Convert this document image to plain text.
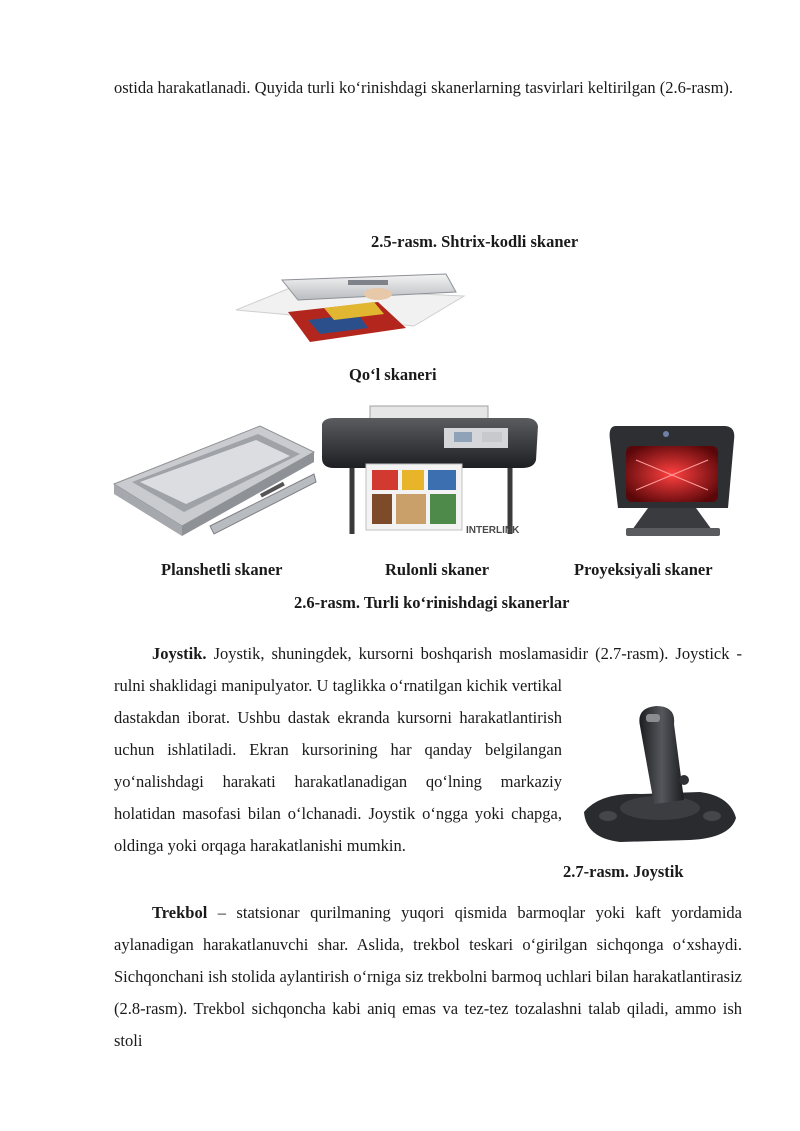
ostida harakatlanadi. Quyida turli ko‘rinishdagi skanerlarning tasvirlari keltirilgan (2.6-rasm).

2.5-rasm. Shtrix-kodli skaner
Qo‘l skaneri
INTERLINK
Planshetli skaner	Rulonli skaner	Proyeksiyali skaner
2.6-rasm. Turli ko‘rinishdagi skanerlar

Joystik. Joystik, shuningdek, kursorni boshqarish moslamasidir (2.7-rasm). Joystick - rulni shaklidagi manipulyator. U taglikka o‘rnatilgan kichik vertikal

dastakdan iborat. Ushbu dastak ekranda kursorni harakatlantirish uchun ishlatiladi. Ekran kursorining har qanday belgilangan yo‘nalishdagi harakati harakatlanadigan qo‘lning markaziy holatidan masofasi bilan o‘lchanadi. Joystik o‘ngga yoki chapga, oldinga yoki orqaga harakatlanishi mumkin.

2.7-rasm. Joystik

Trekbol – statsionar qurilmaning yuqori qismida barmoqlar yoki kaft yordamida aylanadigan harakatlanuvchi shar. Aslida, trekbol teskari o‘girilgan sichqonga o‘xshaydi. Sichqonchani ish stolida aylantirish o‘rniga siz trekbolni barmoq uchlari bilan harakatlantirasiz (2.8-rasm). Trekbol sichqoncha kabi aniq emas va tez-tez tozalashni talab qiladi, ammo ish stoli
